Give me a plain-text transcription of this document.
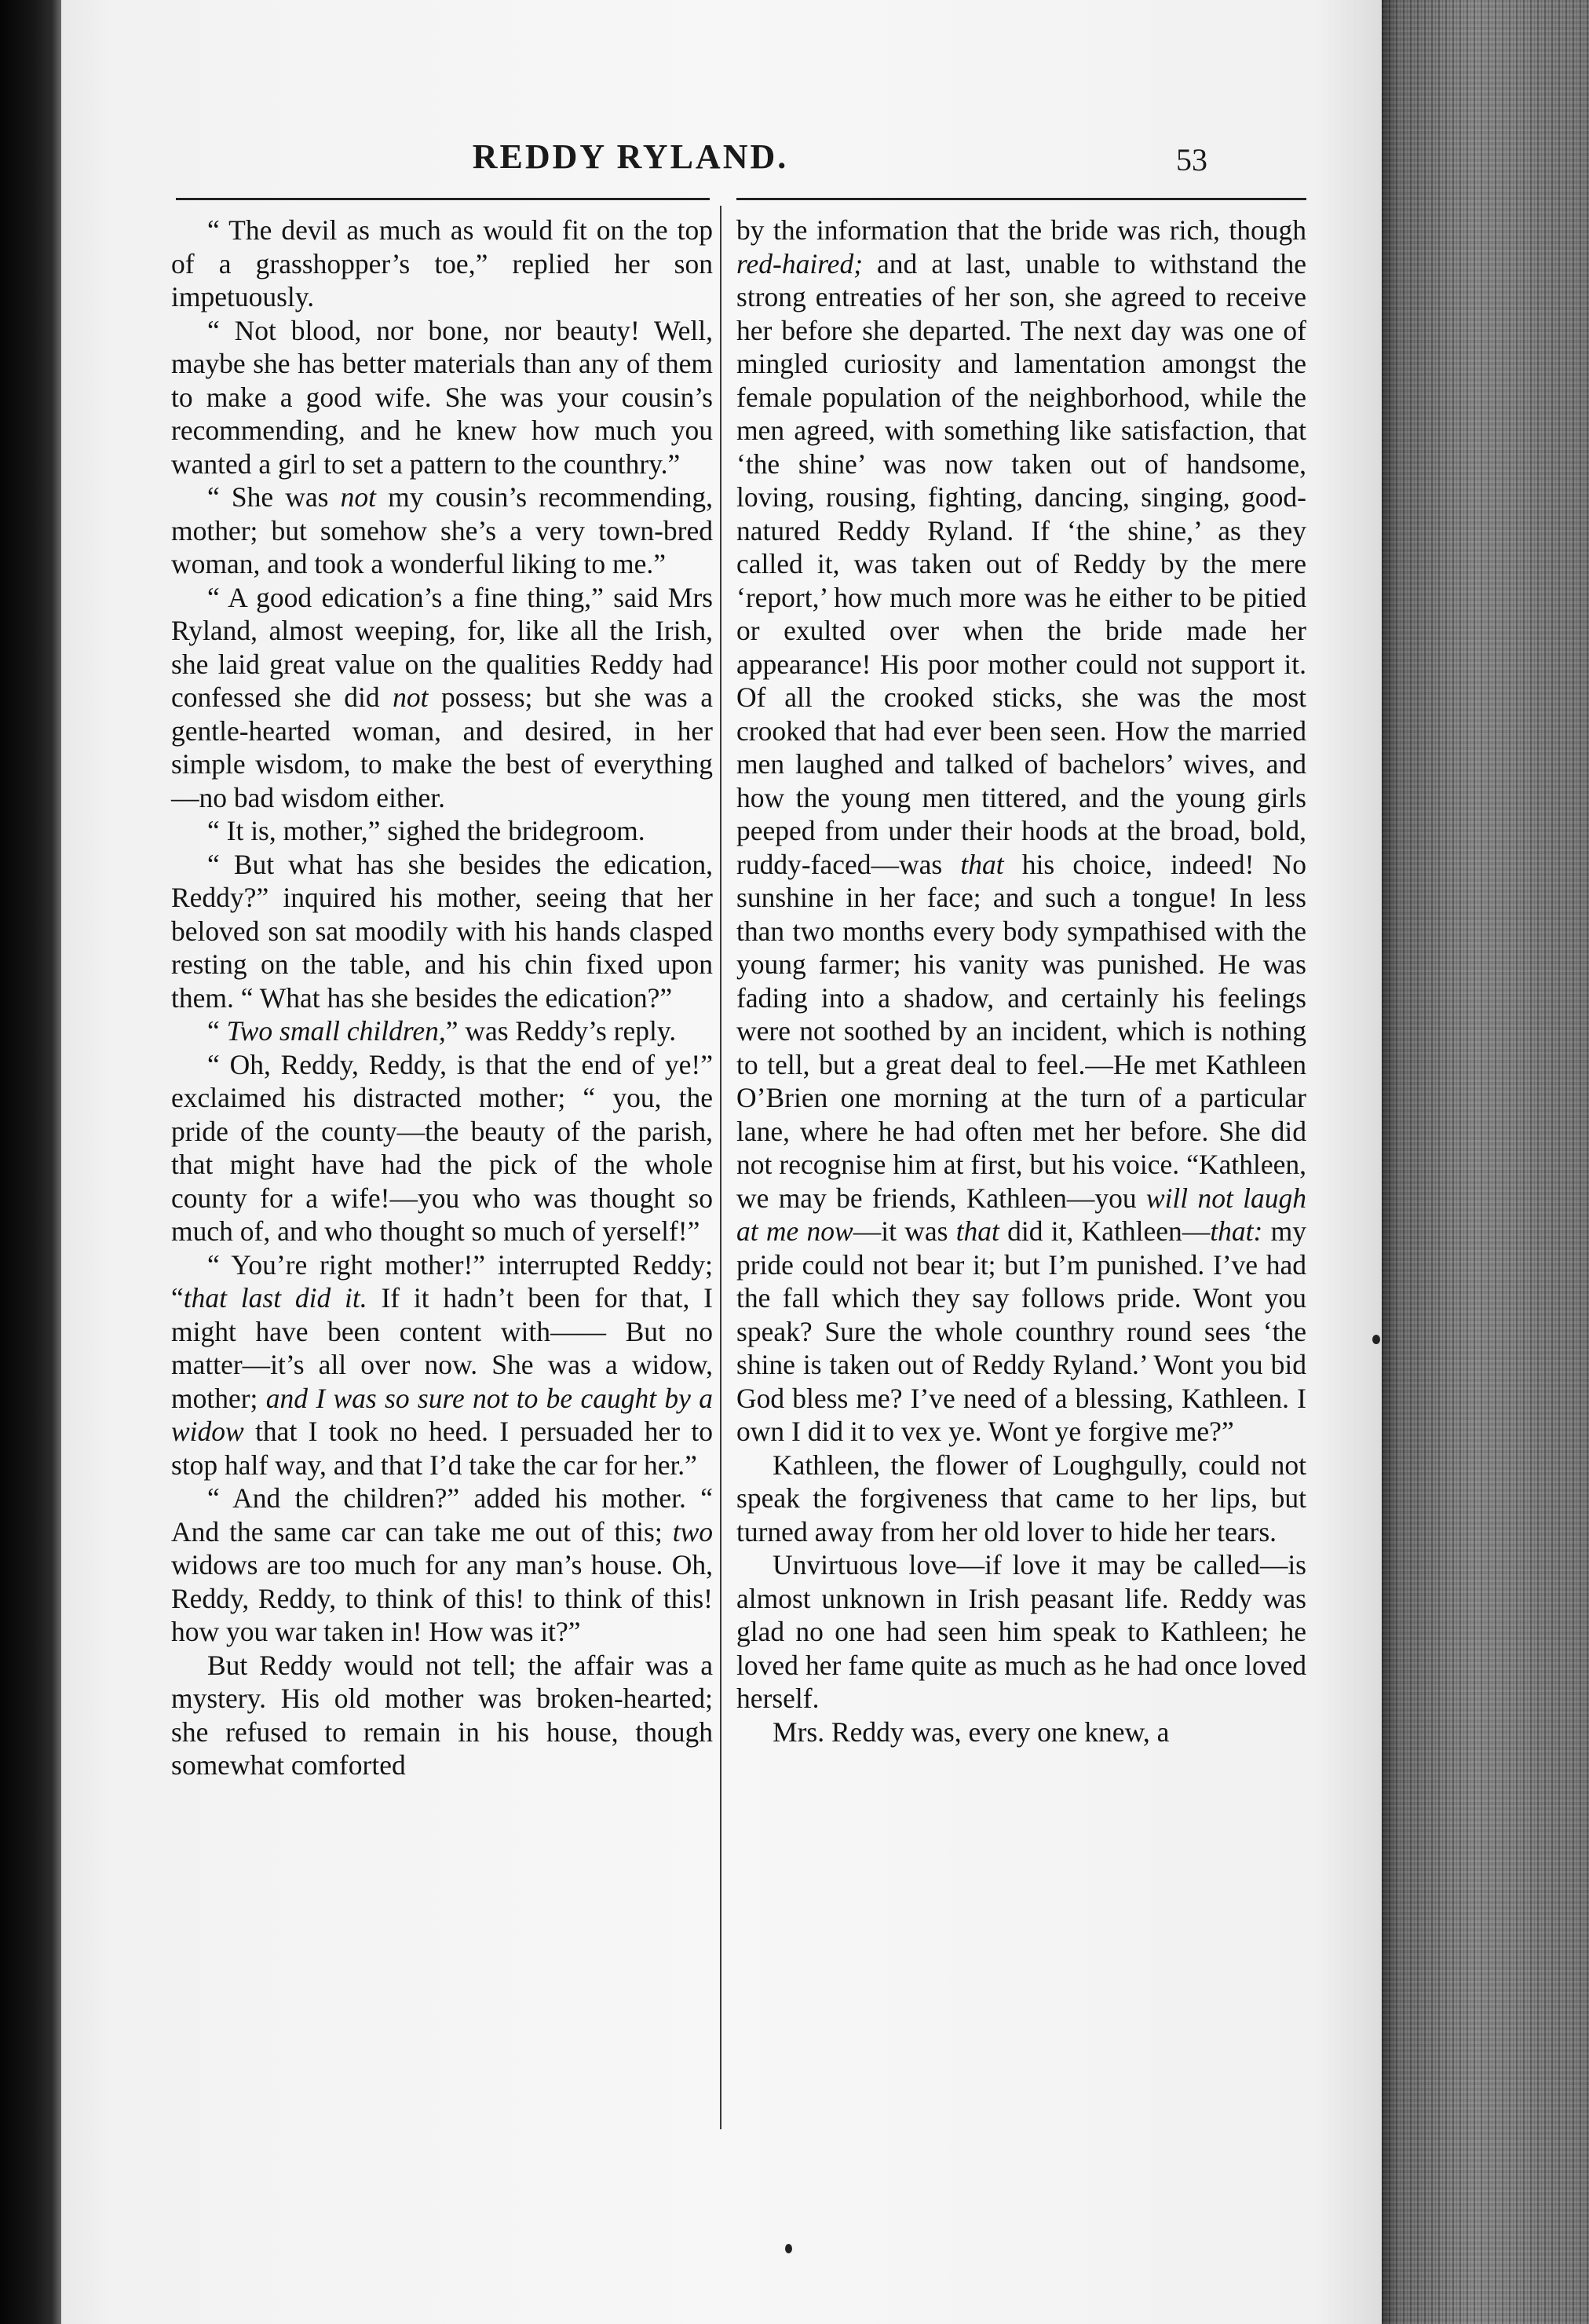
REDDY RYLAND.	53

“ The devil as much as would fit on the top of a grasshopper’s toe,” replied her son impetuously.

“ Not blood, nor bone, nor beauty! Well, maybe she has better materials than any of them to make a good wife. She was your cousin’s recommending, and he knew how much you wanted a girl to set a pattern to the counthry.”

“ She was not my cousin’s recommending, mother; but somehow she’s a very town-bred woman, and took a wonderful liking to me.”

“ A good edication’s a fine thing,” said Mrs Ryland, almost weeping, for, like all the Irish, she laid great value on the qualities Reddy had confessed she did not possess; but she was a gentle-hearted woman, and desired, in her simple wisdom, to make the best of everything—no bad wisdom either.

“ It is, mother,” sighed the bridegroom.

“ But what has she besides the edication, Reddy?” inquired his mother, seeing that her beloved son sat moodily with his hands clasped resting on the table, and his chin fixed upon them. “ What has she besides the edication?”

“ Two small children,” was Reddy’s reply.

“ Oh, Reddy, Reddy, is that the end of ye!” exclaimed his distracted mother; “ you, the pride of the county—the beauty of the parish, that might have had the pick of the whole county for a wife!—you who was thought so much of, and who thought so much of yerself!”

“ You’re right mother!” interrupted Reddy; “that last did it. If it hadn’t been for that, I might have been content with—— But no matter—it’s all over now. She was a widow, mother; and I was so sure not to be caught by a widow that I took no heed. I persuaded her to stop half way, and that I’d take the car for her.”

“ And the children?” added his mother. “ And the same car can take me out of this; two widows are too much for any man’s house. Oh, Reddy, Reddy, to think of this! to think of this! how you war taken in! How was it?”

But Reddy would not tell; the affair was a mystery. His old mother was broken-hearted; she refused to remain in his house, though somewhat comforted

by the information that the bride was rich, though red-haired; and at last, unable to withstand the strong entreaties of her son, she agreed to receive her before she departed. The next day was one of mingled curiosity and lamentation amongst the female population of the neighborhood, while the men agreed, with something like satisfaction, that ‘the shine’ was now taken out of handsome, loving, rousing, fighting, dancing, singing, good-natured Reddy Ryland. If ‘the shine,’ as they called it, was taken out of Reddy by the mere ‘report,’ how much more was he either to be pitied or exulted over when the bride made her appearance! His poor mother could not support it. Of all the crooked sticks, she was the most crooked that had ever been seen. How the married men laughed and talked of bachelors’ wives, and how the young men tittered, and the young girls peeped from under their hoods at the broad, bold, ruddy-faced—was that his choice, indeed! No sunshine in her face; and such a tongue! In less than two months every body sympathised with the young farmer; his vanity was punished. He was fading into a shadow, and certainly his feelings were not soothed by an incident, which is nothing to tell, but a great deal to feel.—He met Kathleen O’Brien one morning at the turn of a particular lane, where he had often met her before. She did not recognise him at first, but his voice. “Kathleen, we may be friends, Kathleen—you will not laugh at me now—it was that did it, Kathleen—that: my pride could not bear it; but I’m punished. I’ve had the fall which they say follows pride. Wont you speak? Sure the whole counthry round sees ‘the shine is taken out of Reddy Ryland.’ Wont you bid God bless me? I’ve need of a blessing, Kathleen. I own I did it to vex ye. Wont ye forgive me?”

Kathleen, the flower of Loughgully, could not speak the forgiveness that came to her lips, but turned away from her old lover to hide her tears.

Unvirtuous love—if love it may be called—is almost unknown in Irish peasant life. Reddy was glad no one had seen him speak to Kathleen; he loved her fame quite as much as he had once loved herself.

Mrs. Reddy was, every one knew, a
